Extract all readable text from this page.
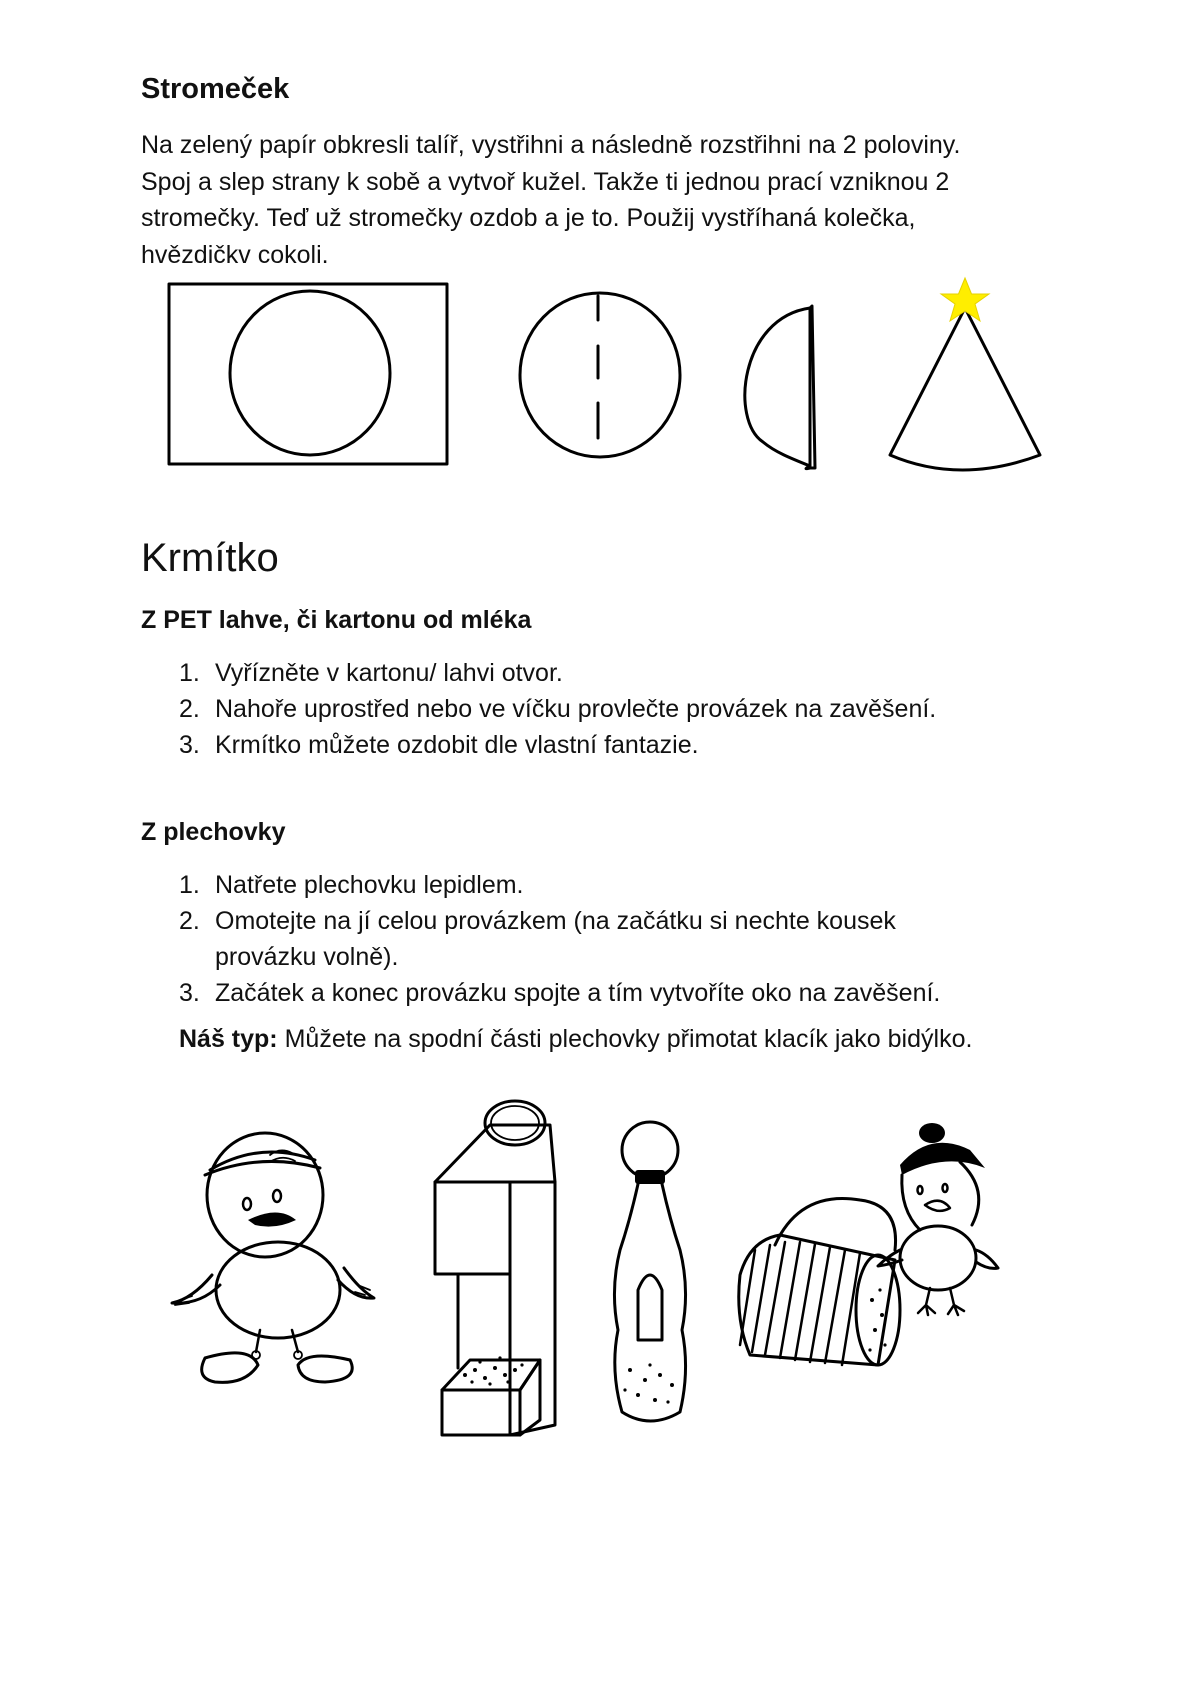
Stromeček
Na zelený papír obkresli talíř, vystřihni a následně rozstřihni na 2 poloviny.
Spoj a slep strany k sobě a vytvoř kužel. Takže ti jednou prací vzniknou 2
stromečky. Teď už stromečky ozdob a je to. Použij vystříhaná kolečka,
hvězdičkv cokoli.
Krmítko
Z PET lahve, či kartonu od mléka
1. Vyřízněte v kartonu/ lahvi otvor.
2. Nahoře uprostřed nebo ve víčku provlečte provázek na zavěšení.
3. Krmítko můžete ozdobit dle vlastní fantazie.
Z plechovky
1. Natřete plechovku lepidlem.
2. Omotejte na jí celou provázkem (na začátku si nechte kousek
provázku volně).
3. Začátek a konec provázku spojte a tím vytvoříte oko na zavěšení.

Náš typ: Můžete na spodní části plechovky přimotat klacík jako bidýlko.
